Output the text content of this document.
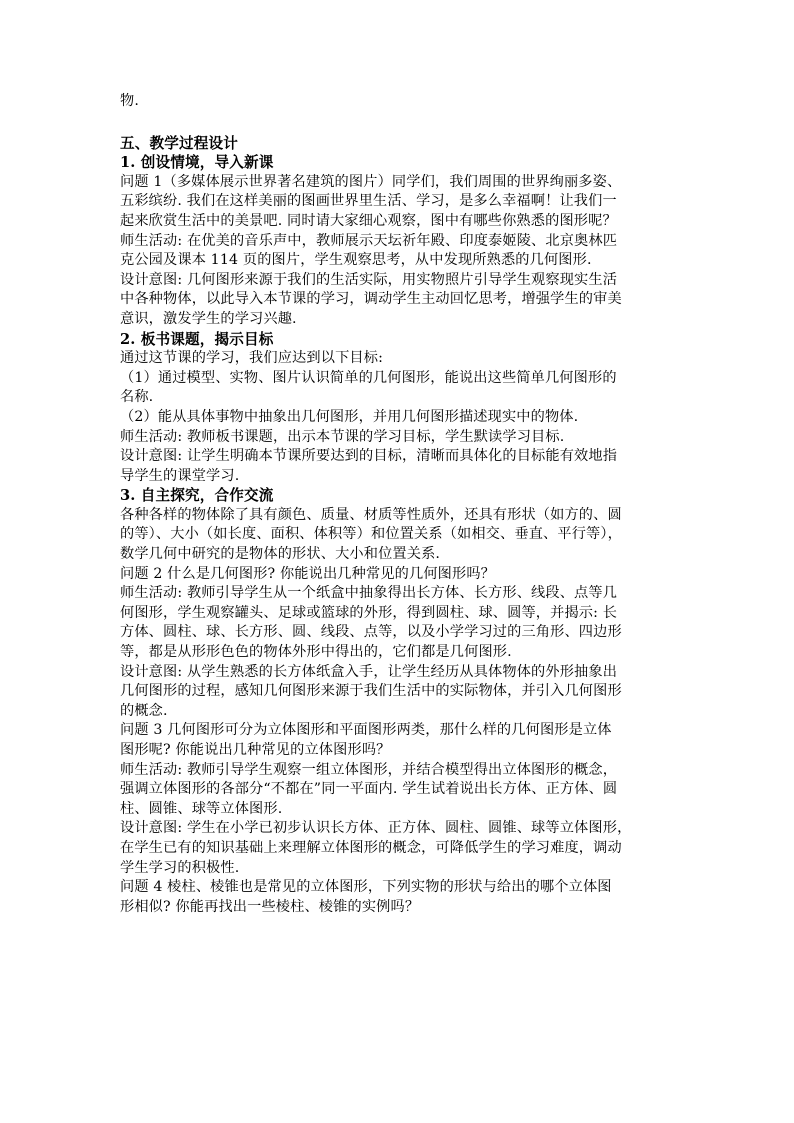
物.
五、教学过程设计
1. 创设情境，导入新课
问题 1（多媒体展示世界著名建筑的图片）同学们，我们周围的世界绚丽多姿、
五彩缤纷. 我们在这样美丽的图画世界里生活、学习，是多么幸福啊！让我们一
起来欣赏生活中的美景吧. 同时请大家细心观察，图中有哪些你熟悉的图形呢？
师生活动: 在优美的音乐声中，教师展示天坛祈年殿、印度泰姬陵、北京奥林匹
克公园及课本 114 页的图片，学生观察思考，从中发现所熟悉的几何图形.
设计意图: 几何图形来源于我们的生活实际，用实物照片引导学生观察现实生活
中各种物体，以此导入本节课的学习，调动学生主动回忆思考，增强学生的审美
意识，激发学生的学习兴趣.
2. 板书课题，揭示目标
通过这节课的学习，我们应达到以下目标:
（1）通过模型、实物、图片认识简单的几何图形，能说出这些简单几何图形的
名称.
（2）能从具体事物中抽象出几何图形，并用几何图形描述现实中的物体.
师生活动: 教师板书课题，出示本节课的学习目标，学生默读学习目标.
设计意图: 让学生明确本节课所要达到的目标，清晰而具体化的目标能有效地指
导学生的课堂学习.
3. 自主探究，合作交流
各种各样的物体除了具有颜色、质量、材质等性质外，还具有形状（如方的、圆
的等）、大小（如长度、面积、体积等）和位置关系（如相交、垂直、平行等），
数学几何中研究的是物体的形状、大小和位置关系.
问题 2 什么是几何图形? 你能说出几种常见的几何图形吗？
师生活动: 教师引导学生从一个纸盒中抽象得出长方体、长方形、线段、点等几
何图形，学生观察罐头、足球或篮球的外形，得到圆柱、球、圆等，并揭示: 长
方体、圆柱、球、长方形、圆、线段、点等，以及小学学习过的三角形、四边形
等，都是从形形色色的物体外形中得出的，它们都是几何图形.
设计意图: 从学生熟悉的长方体纸盒入手，让学生经历从具体物体的外形抽象出
几何图形的过程，感知几何图形来源于我们生活中的实际物体，并引入几何图形
的概念.
问题 3 几何图形可分为立体图形和平面图形两类，那什么样的几何图形是立体
图形呢? 你能说出几种常见的立体图形吗？
师生活动: 教师引导学生观察一组立体图形，并结合模型得出立体图形的概念，
强调立体图形的各部分“不都在”同一平面内. 学生试着说出长方体、正方体、圆
柱、圆锥、球等立体图形.
设计意图: 学生在小学已初步认识长方体、正方体、圆柱、圆锥、球等立体图形，
在学生已有的知识基础上来理解立体图形的概念，可降低学生的学习难度，调动
学生学习的积极性.
问题 4 棱柱、棱锥也是常见的立体图形，下列实物的形状与给出的哪个立体图
形相似? 你能再找出一些棱柱、棱锥的实例吗？
